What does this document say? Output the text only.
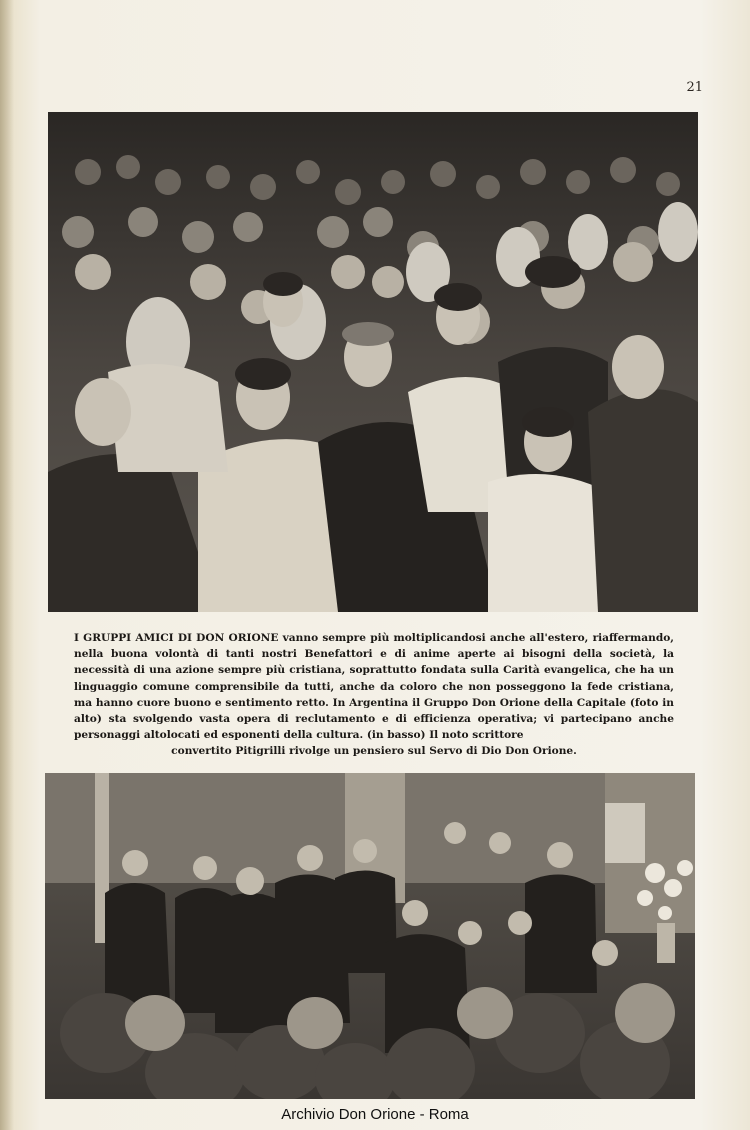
21
I GRUPPI AMICI DI DON ORIONE vanno sempre più moltiplicandosi anche all'estero, riaffermando, nella buona volontà di tanti nostri Benefattori e di anime aperte ai bisogni della società, la necessità di una azione sempre più cristiana, soprattutto fondata sulla Carità evangelica, che ha un linguaggio comune comprensibile da tutti, anche da coloro che non posseggono la fede cristiana, ma hanno cuore buono e sentimento retto. In Argentina il Gruppo Don Orione della Capitale (foto in alto) sta svolgendo vasta opera di reclutamento e di efficienza operativa; vi partecipano anche personaggi altolocati ed esponenti della cultura. (in basso) Il noto scrittore
convertito Pitigrilli rivolge un pensiero sul Servo di Dio Don Orione.
Archivio Don Orione - Roma
